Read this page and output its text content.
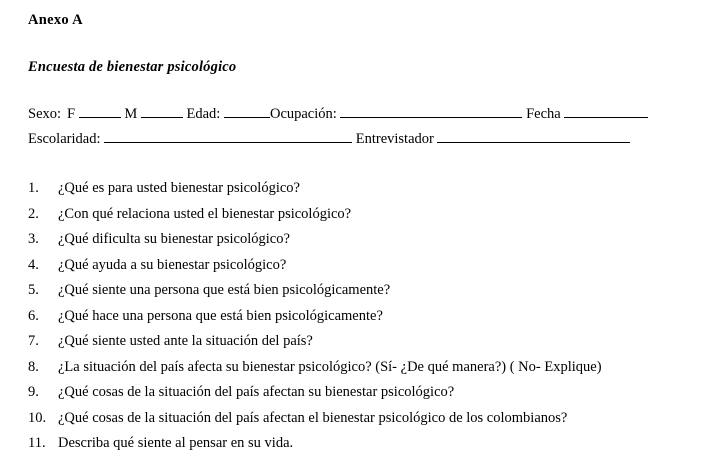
Anexo A
Encuesta de bienestar psicológico
Sexo: F	M	Edad:	Ocupación:	Fecha
Escolaridad:	Entrevistador
1.	¿Qué es para usted bienestar psicológico?
2.	¿Con qué relaciona usted el bienestar psicológico?
3.	¿Qué dificulta su bienestar psicológico?
4.	¿Qué ayuda a su bienestar psicológico?
5.	¿Qué siente una persona que está bien psicológicamente?
6.	¿Qué hace una persona que está bien psicológicamente?
7.	¿Qué siente usted ante la situación del país?
8.	¿La situación del país afecta su bienestar psicológico? (Sí- ¿De qué manera?) ( No- Explique)
9.	¿Qué cosas de la situación del país afectan su bienestar psicológico?
10. ¿Qué cosas de la situación del país afectan el bienestar psicológico de los colombianos?
11. Describa qué siente al pensar en su vida.
